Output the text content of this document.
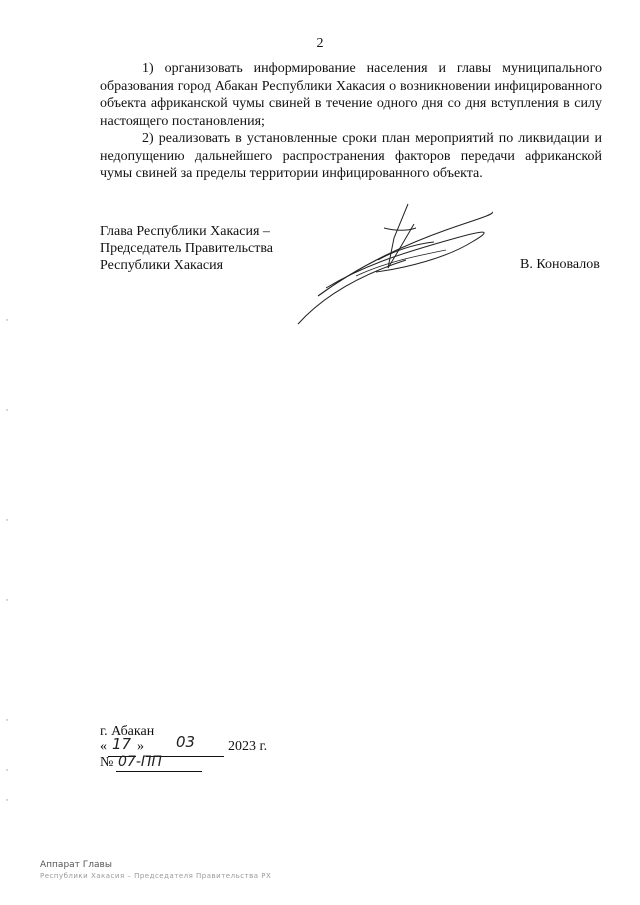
2

1) организовать информирование населения и главы муниципального образования город Абакан Республики Хакасия о возникновении инфицированного объекта африканской чумы свиней в течение одного дня со дня вступления в силу настоящего постановления;

2) реализовать в установленные сроки план мероприятий по ликвидации и недопущению дальнейшего распространения факторов передачи африканской чумы свиней за пределы территории инфицированного объекта.

Глава Республики Хакасия –
Председатель Правительства
Республики Хакасия	В. Коновалов
г. Абакан
« 17 » 03 2023 г.
№ 07-ПП
Аппарат Главы
Республики Хакасия – Председателя Правительства РХ
